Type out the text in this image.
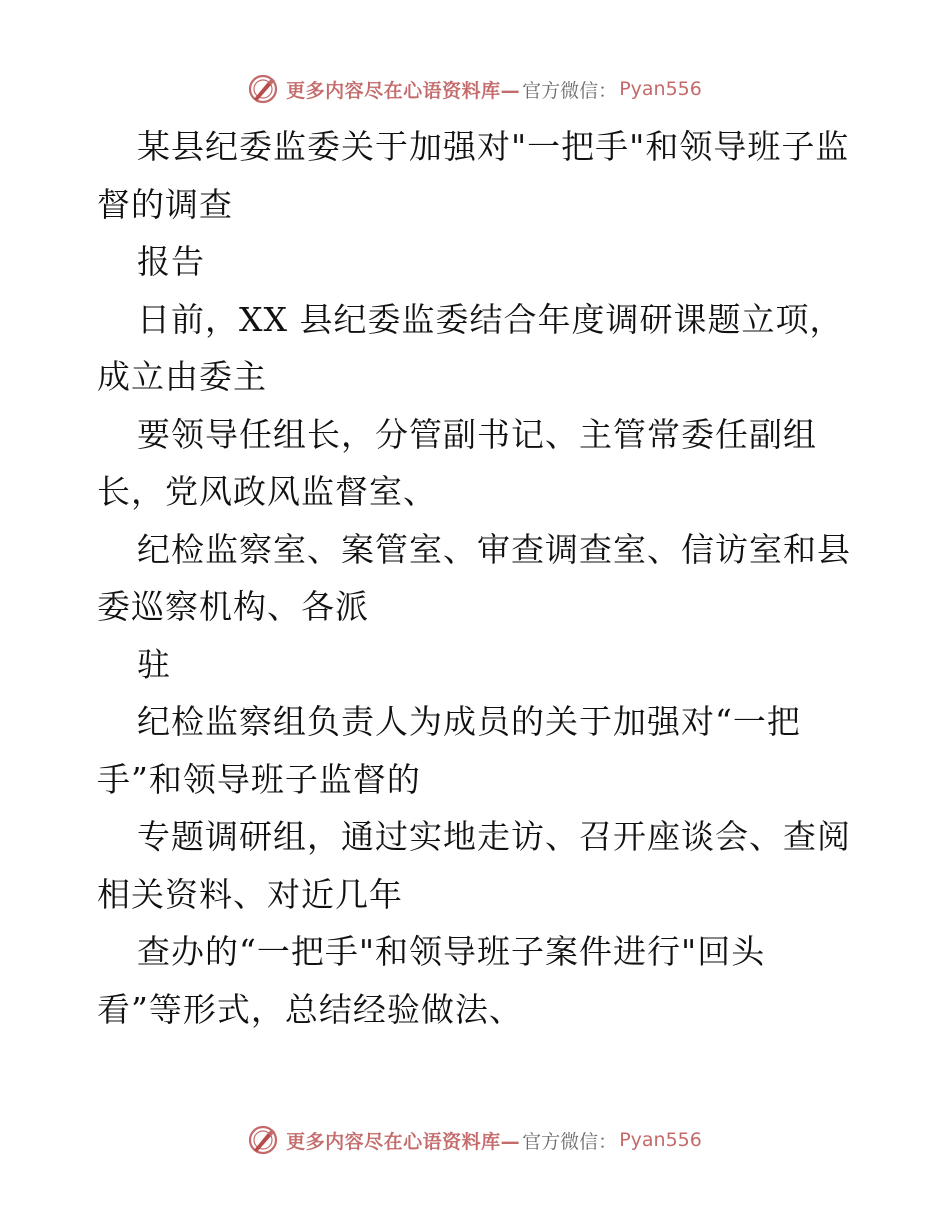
更多内容尽在心语资料库— 官方微信： Pyan556

某县纪委监委关于加强对"一把手"和领导班子监

督的调查

报告

日前，XX 县纪委监委结合年度调研课题立项，

成立由委主

要领导任组长，分管副书记、主管常委任副组

长，党风政风监督室、

纪检监察室、案管室、审查调查室、信访室和县

委巡察机构、各派

驻

纪检监察组负责人为成员的关于加强对“一把

手”和领导班子监督的

专题调研组，通过实地走访、召开座谈会、查阅

相关资料、对近几年

查办的“一把手"和领导班子案件进行"回头

看”等形式，总结经验做法、

更多内容尽在心语资料库— 官方微信： Pyan556
